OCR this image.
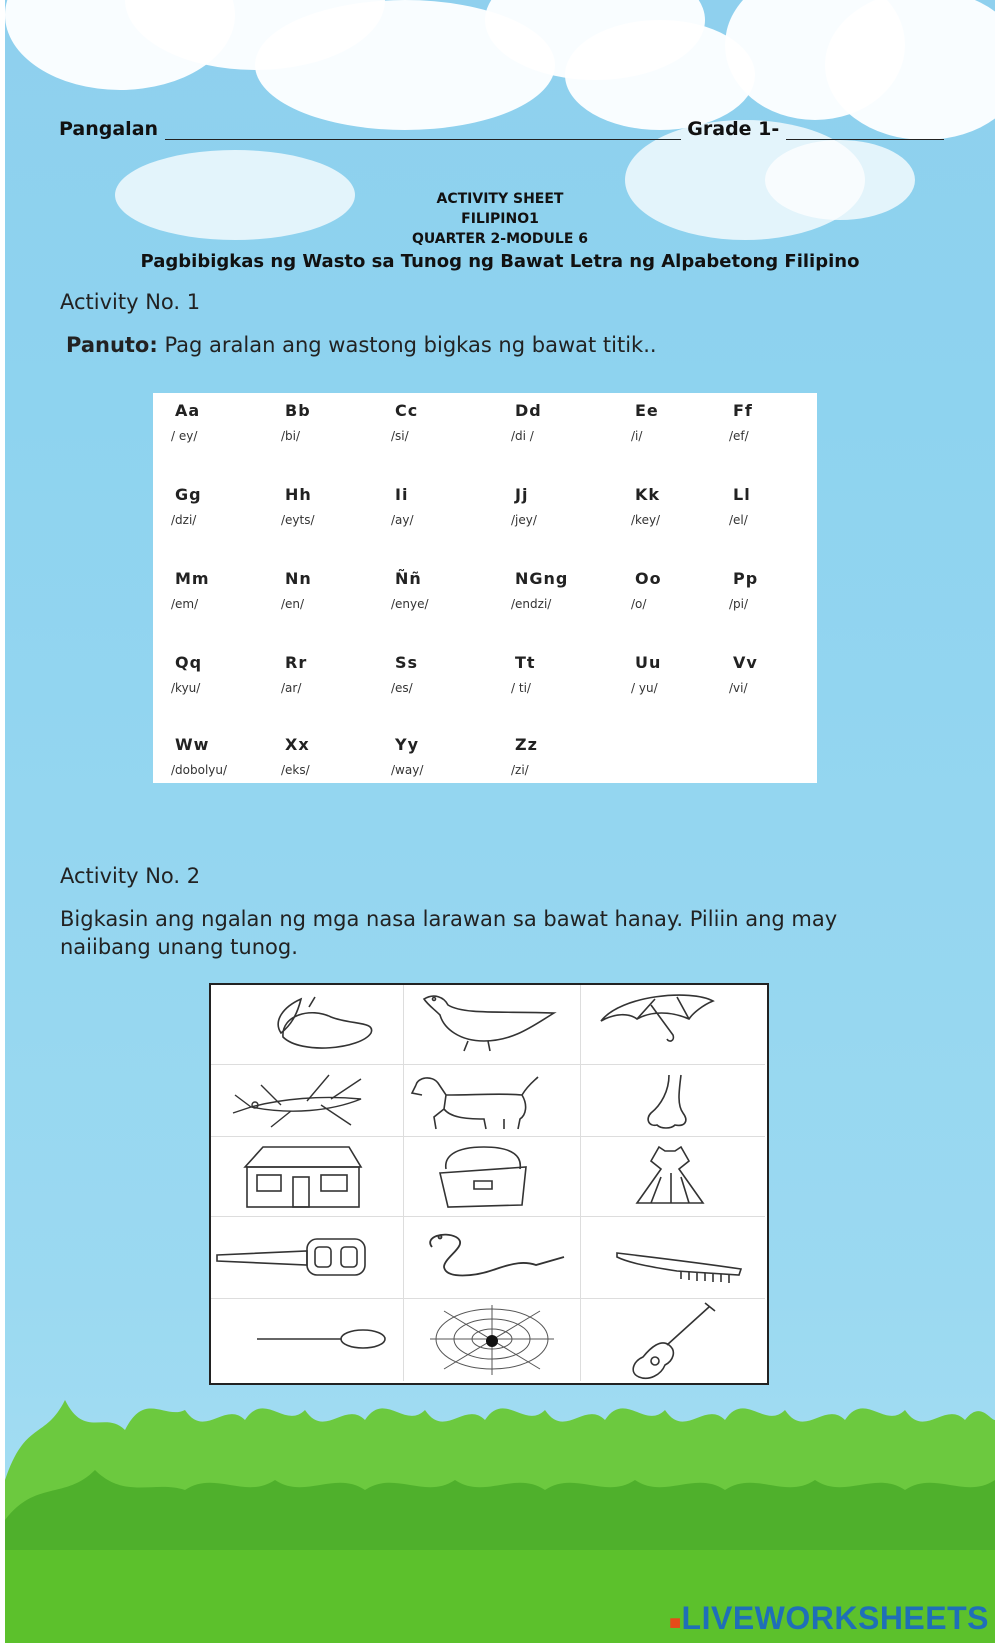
Pangalan	Grade 1-
ACTIVITY SHEET
FILIPINO1
QUARTER 2-MODULE 6
Pagbibigkas ng Wasto sa Tunog ng Bawat Letra ng Alpabetong Filipino
Activity No. 1
Panuto: Pag aralan ang wastong bigkas ng bawat titik..
Aa
/ ey/
Bb
/bi/
Cc
/si/
Dd
/di /
Ee
/i/
Ff
/ef/
Gg
/dzi/
Hh
/eyts/
Ii
/ay/
Jj
/jey/
Kk
/key/
Ll
/el/
Mm
/em/
Nn
/en/
Ññ
/enye/
NGng
/endzi/
Oo
/o/
Pp
/pi/
Qq
/kyu/
Rr
/ar/
Ss
/es/
Tt
/ ti/
Uu
/ yu/
Vv
/vi/
Ww
/dobolyu/
Xx
/eks/
Yy
/way/
Zz
/zi/
Activity No. 2
Bigkasin ang ngalan ng mga nasa larawan sa bawat hanay. Piliin ang may
naiibang unang tunog.
■LIVEWORKSHEETS
